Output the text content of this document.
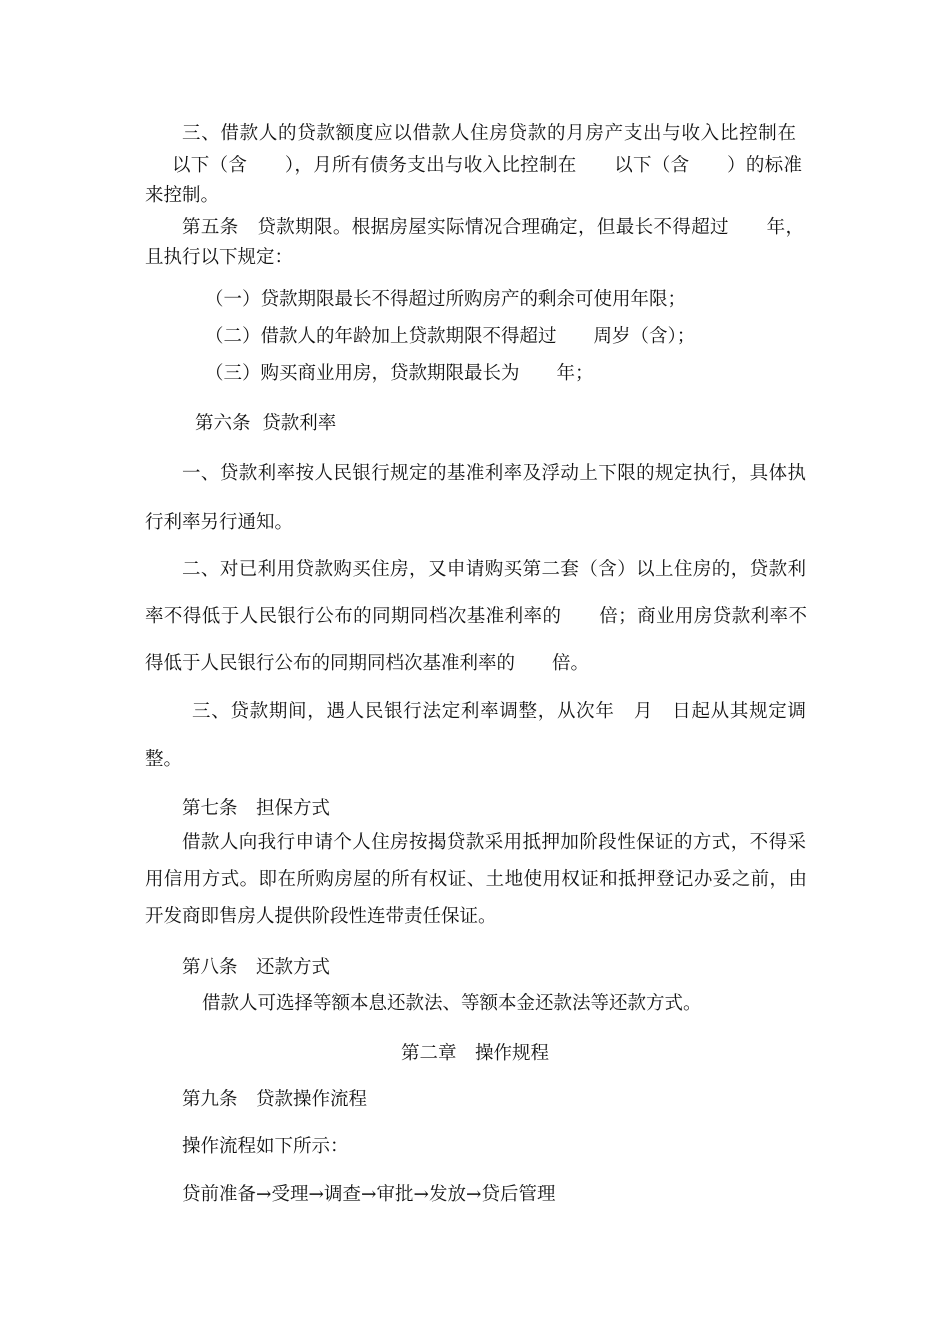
三、借款人的贷款额度应以借款人住房贷款的月房产支出与收入比控制在

以下（含　　），月所有债务支出与收入比控制在　　以下（含　　）的标准

来控制。

第五条　贷款期限。根据房屋实际情况合理确定，但最长不得超过　　年，

且执行以下规定：

（一）贷款期限最长不得超过所购房产的剩余可使用年限；

（二）借款人的年龄加上贷款期限不得超过　　周岁（含）；

（三）购买商业用房，贷款期限最长为　　年；

第六条  贷款利率

一、贷款利率按人民银行规定的基准利率及浮动上下限的规定执行，具体执

行利率另行通知。

二、对已利用贷款购买住房，又申请购买第二套（含）以上住房的，贷款利

率不得低于人民银行公布的同期同档次基准利率的　　倍；商业用房贷款利率不

得低于人民银行公布的同期同档次基准利率的　　倍。

三、贷款期间，遇人民银行法定利率调整，从次年　月　日起从其规定调

整。

第七条　担保方式

借款人向我行申请个人住房按揭贷款采用抵押加阶段性保证的方式，不得采

用信用方式。即在所购房屋的所有权证、土地使用权证和抵押登记办妥之前，由

开发商即售房人提供阶段性连带责任保证。

第八条　还款方式

借款人可选择等额本息还款法、等额本金还款法等还款方式。

第二章　操作规程

第九条　贷款操作流程

操作流程如下所示：

贷前准备→受理→调查→审批→发放→贷后管理
